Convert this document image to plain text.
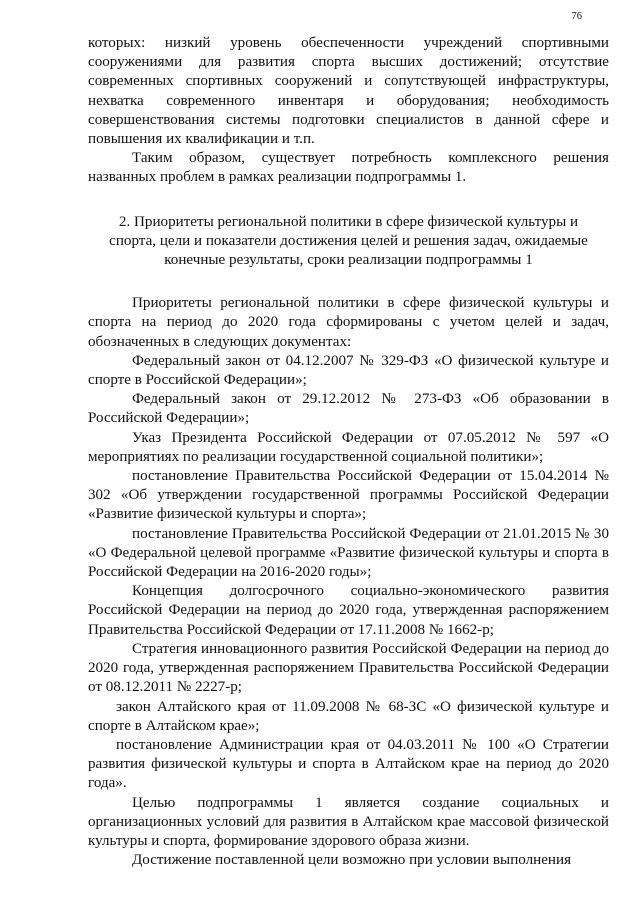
76

которых: низкий уровень обеспеченности учреждений спортивными сооружениями для развития спорта высших достижений; отсутствие современных спортивных сооружений и сопутствующей инфраструктуры, нехватка современного инвентаря и оборудования; необходимость совершенствования системы подготовки специалистов в данной сфере и повышения их квалификации и т.п.

Таким образом, существует потребность комплексного решения названных проблем в рамках реализации подпрограммы 1.

2. Приоритеты региональной политики в сфере физической культуры и спорта, цели и показатели достижения целей и решения задач, ожидаемые конечные результаты, сроки реализации подпрограммы 1

Приоритеты региональной политики в сфере физической культуры и спорта на период до 2020 года сформированы с учетом целей и задач, обозначенных в следующих документах:

Федеральный закон от 04.12.2007 № 329-ФЗ «О физической культуре и спорте в Российской Федерации»;

Федеральный закон от 29.12.2012 № 273-ФЗ «Об образовании в Российской Федерации»;

Указ Президента Российской Федерации от 07.05.2012 № 597 «О мероприятиях по реализации государственной социальной политики»;

постановление Правительства Российской Федерации от 15.04.2014 № 302 «Об утверждении государственной программы Российской Федерации «Развитие физической культуры и спорта»;

постановление Правительства Российской Федерации от 21.01.2015 № 30 «О Федеральной целевой программе «Развитие физической культуры и спорта в Российской Федерации на 2016-2020 годы»;

Концепция долгосрочного социально-экономического развития Российской Федерации на период до 2020 года, утвержденная распоряжением Правительства Российской Федерации от 17.11.2008 № 1662-р;

Стратегия инновационного развития Российской Федерации на период до 2020 года, утвержденная распоряжением Правительства Российской Федерации от 08.12.2011 № 2227-р;

закон Алтайского края от 11.09.2008 № 68-ЗС «О физической культуре и спорте в Алтайском крае»;

постановление Администрации края от 04.03.2011 № 100 «О Стратегии развития физической культуры и спорта в Алтайском крае на период до 2020 года».

Целью подпрограммы 1 является создание социальных и организационных условий для развития в Алтайском крае массовой физической культуры и спорта, формирование здорового образа жизни.

Достижение поставленной цели возможно при условии выполнения
